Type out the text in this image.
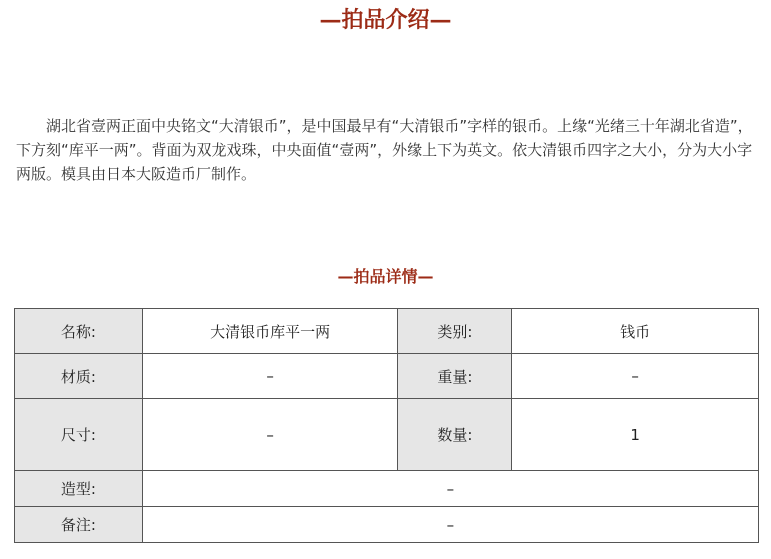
—拍品介绍—

湖北省壹两正面中央铭文“大清银币”，是中国最早有“大清银币”字样的银币。上缘“光绪三十年湖北省造”，下方刻“库平一两”。背面为双龙戏珠，中央面值“壹两”，外缘上下为英文。依大清银币四字之大小，分为大小字两版。模具由日本大阪造币厂制作。

—拍品详情—
名称:	大清银币库平一两	类别:	钱币
材质:	–	重量:	–
尺寸:	–	数量:	1
造型:	–		
备注:	–		
